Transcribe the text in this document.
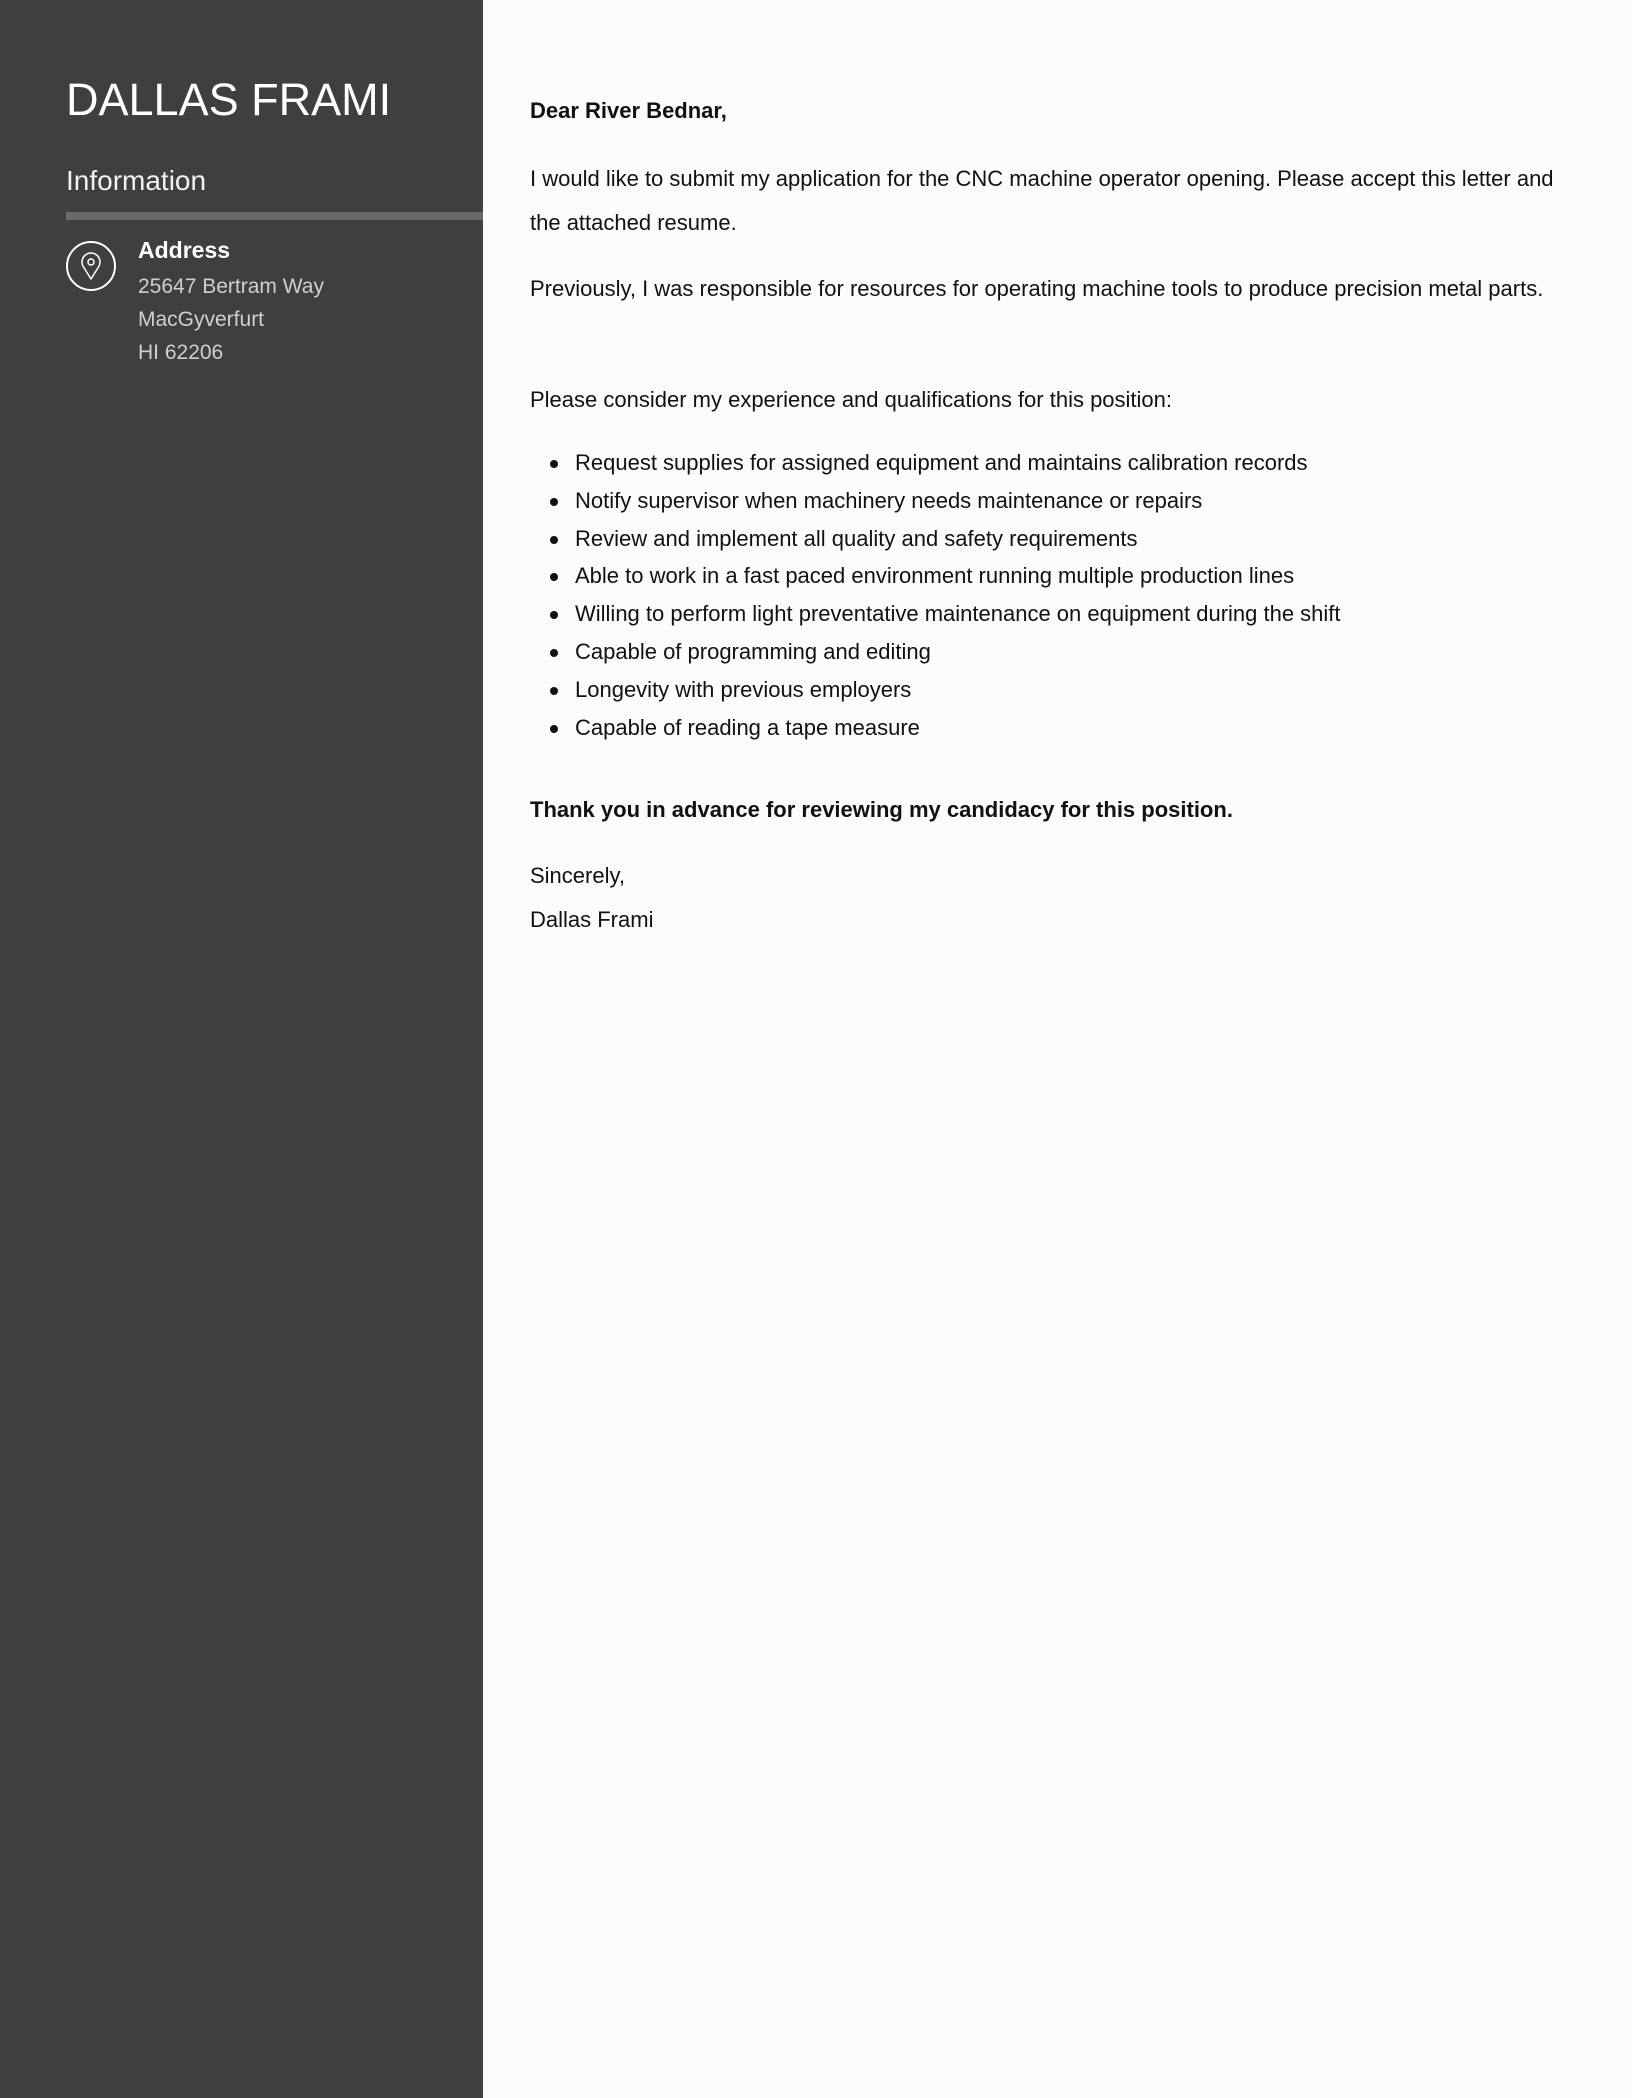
DALLAS FRAMI
Information
Address
25647 Bertram Way
MacGyverfurt
HI 62206
Dear River Bednar,
I would like to submit my application for the CNC machine operator opening. Please accept this letter and the attached resume.
Previously, I was responsible for resources for operating machine tools to produce precision metal parts.
Please consider my experience and qualifications for this position:
Request supplies for assigned equipment and maintains calibration records
Notify supervisor when machinery needs maintenance or repairs
Review and implement all quality and safety requirements
Able to work in a fast paced environment running multiple production lines
Willing to perform light preventative maintenance on equipment during the shift
Capable of programming and editing
Longevity with previous employers
Capable of reading a tape measure
Thank you in advance for reviewing my candidacy for this position.
Sincerely,
Dallas Frami
